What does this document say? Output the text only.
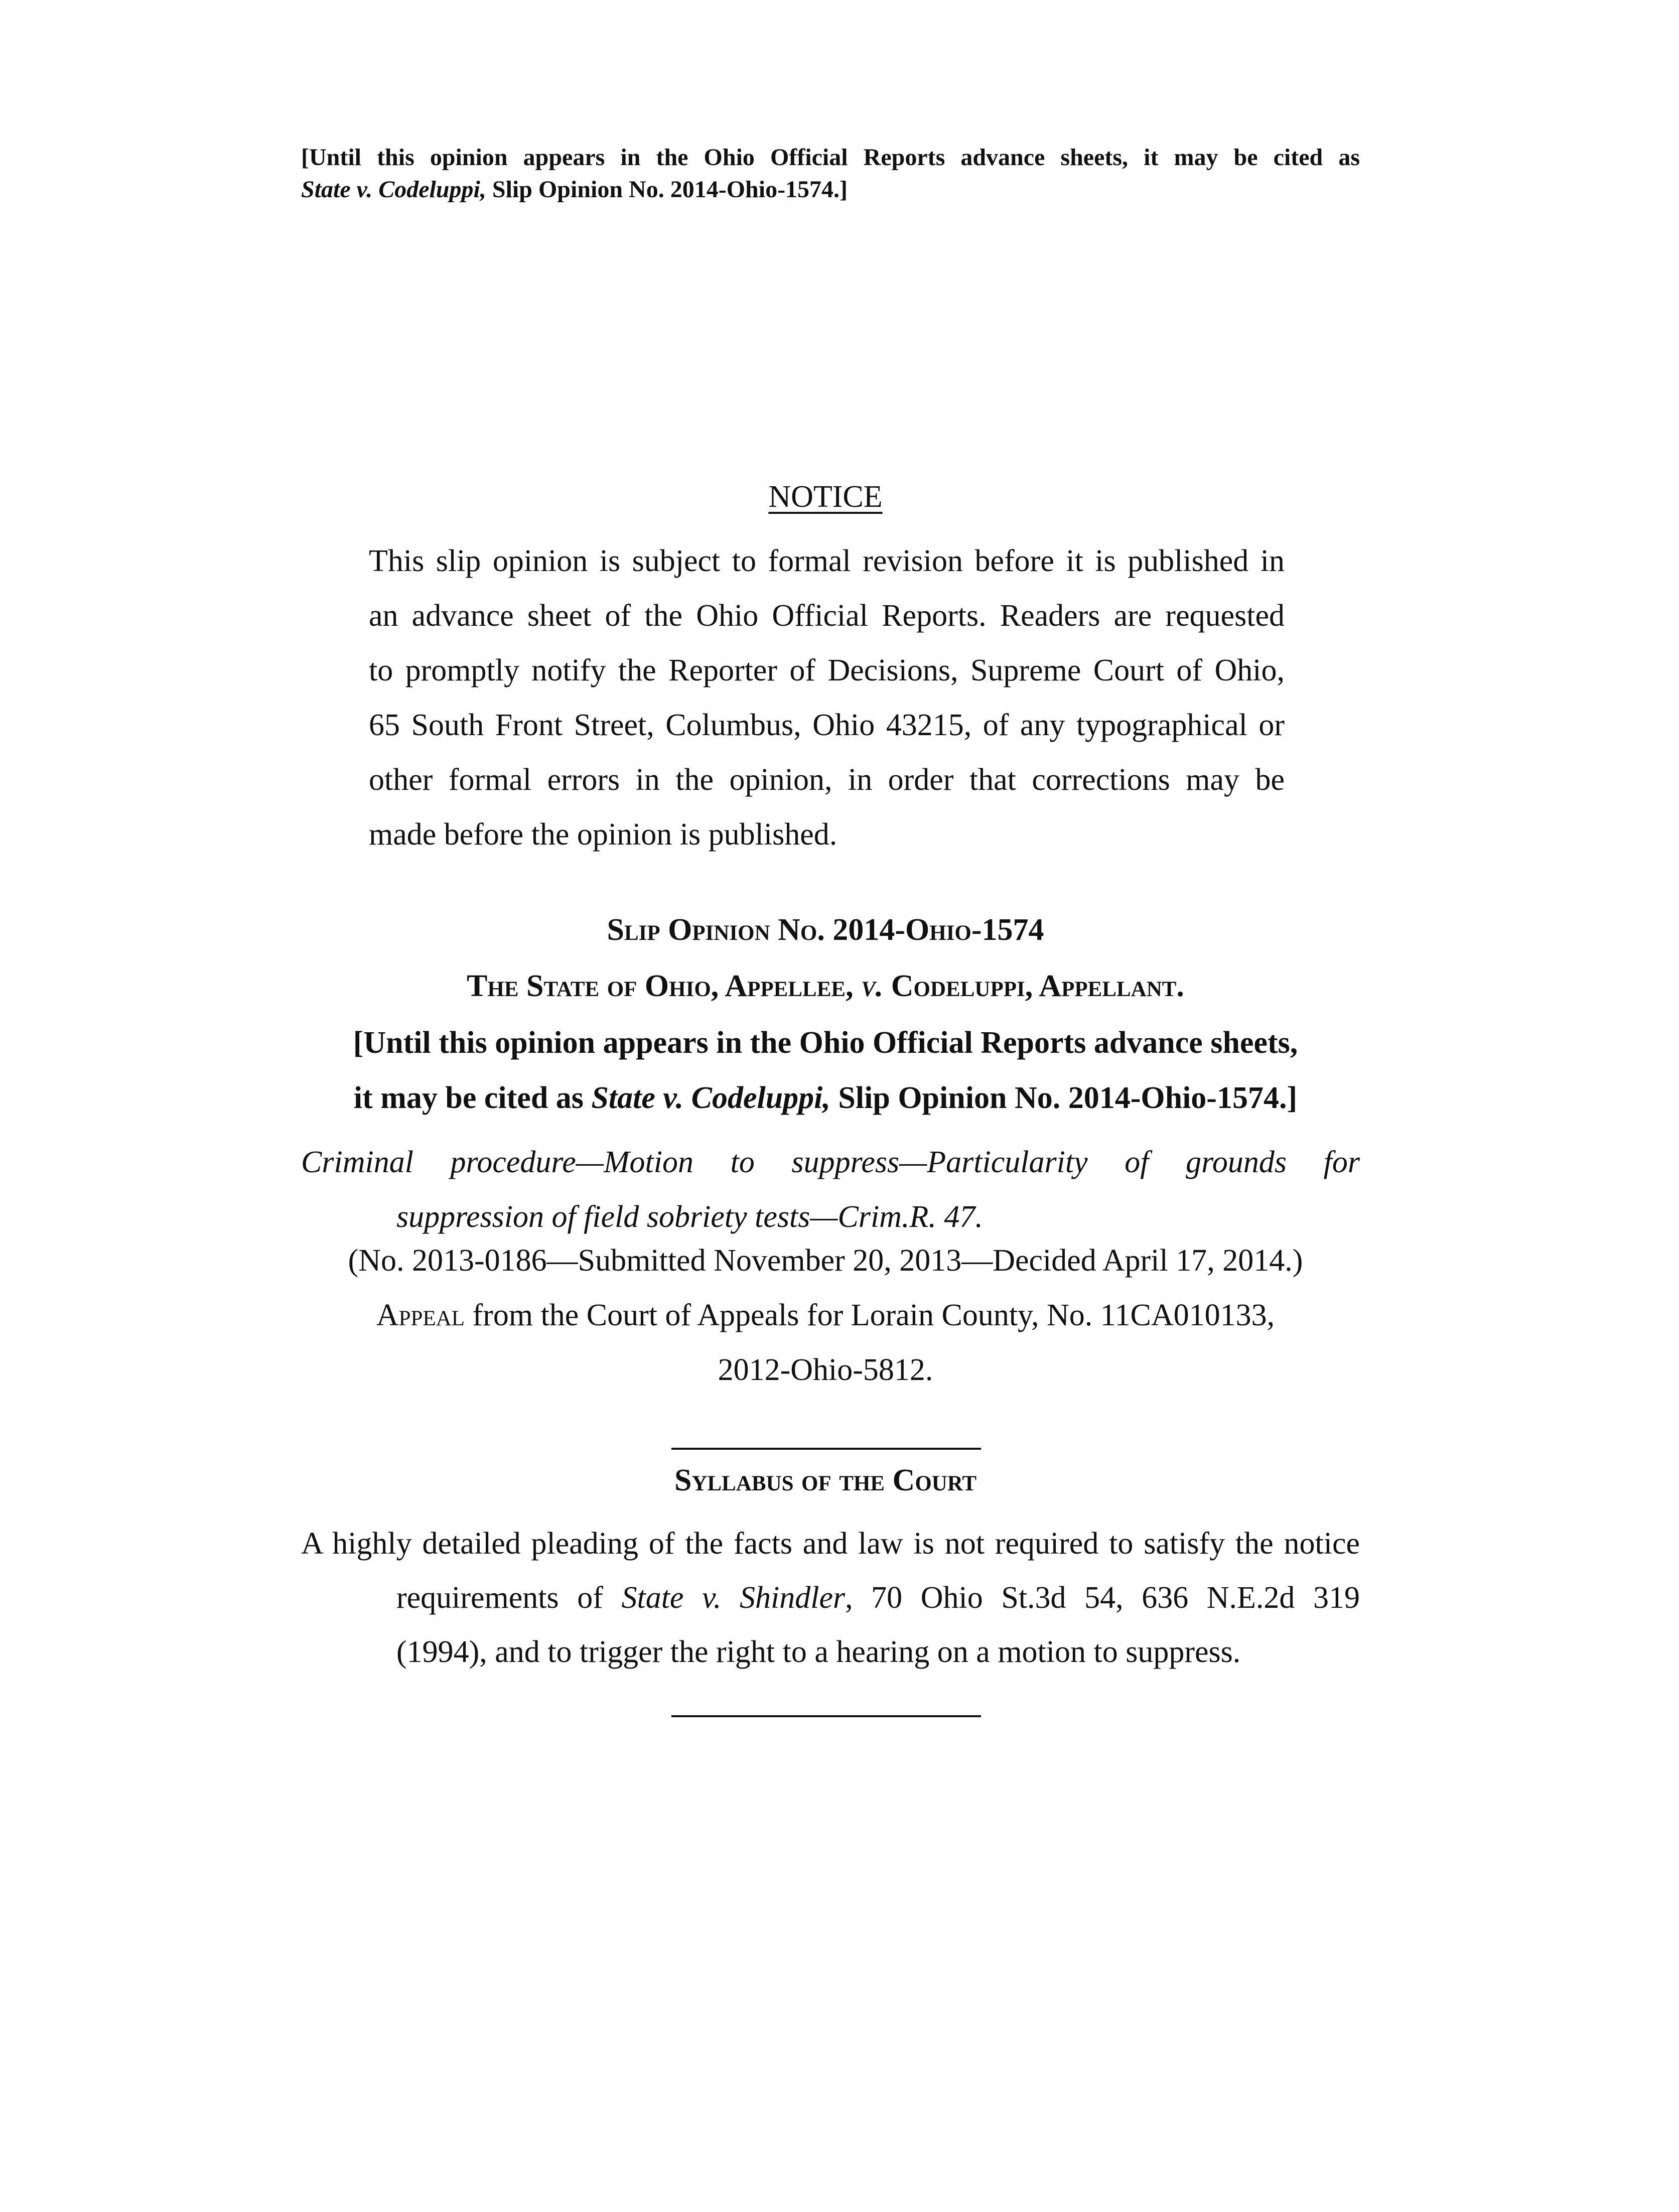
[Until this opinion appears in the Ohio Official Reports advance sheets, it may be cited as
State v. Codeluppi, Slip Opinion No. 2014-Ohio-1574.]
NOTICE
This slip opinion is subject to formal revision before it is published in
an advance sheet of the Ohio Official Reports. Readers are requested
to promptly notify the Reporter of Decisions, Supreme Court of Ohio,
65 South Front Street, Columbus, Ohio 43215, of any typographical or
other formal errors in the opinion, in order that corrections may be
made before the opinion is published.
Slip Opinion No. 2014-Ohio-1574
The State of Ohio, Appellee, v. Codeluppi, Appellant.
[Until this opinion appears in the Ohio Official Reports advance sheets,
it may be cited as State v. Codeluppi, Slip Opinion No. 2014-Ohio-1574.]
Criminal procedure—Motion to suppress—Particularity of grounds for
suppression of field sobriety tests—Crim.R. 47.
(No. 2013-0186—Submitted November 20, 2013—Decided April 17, 2014.)
Appeal from the Court of Appeals for Lorain County, No. 11CA010133,
2012-Ohio-5812.
Syllabus of the Court
A highly detailed pleading of the facts and law is not required to satisfy the notice
requirements of State v. Shindler, 70 Ohio St.3d 54, 636 N.E.2d 319
(1994), and to trigger the right to a hearing on a motion to suppress.
